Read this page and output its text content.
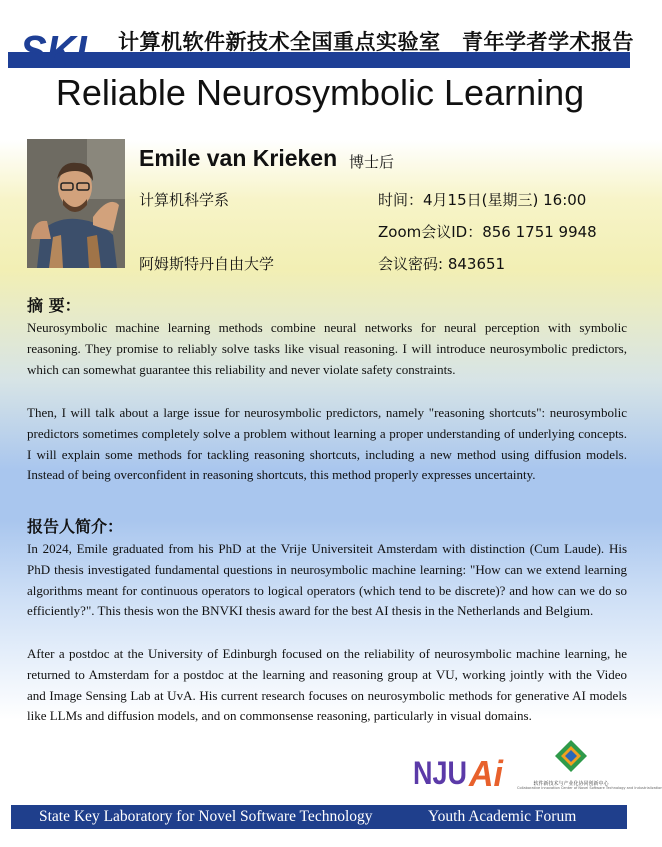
SKL 计算机软件新技术全国重点实验室 青年学者学术报告
Reliable Neurosymbolic Learning
Emile van Krieken 博士后
计算机科学系
阿姆斯特丹自由大学
时间：4月15日(星期三) 16:00
Zoom会议ID：856 1751 9948
会议密码: 843651
摘 要：
Neurosymbolic machine learning methods combine neural networks for neural perception with symbolic reasoning. They promise to reliably solve tasks like visual reasoning. I will introduce neurosymbolic predictors, which can somewhat guarantee this reliability and never violate safety constraints.
Then, I will talk about a large issue for neurosymbolic predictors, namely "reasoning shortcuts": neurosymbolic predictors sometimes completely solve a problem without learning a proper understanding of underlying concepts. I will explain some methods for tackling reasoning shortcuts, including a new method using diffusion models. Instead of being overconfident in reasoning shortcuts, this method properly expresses uncertainty.
报告人简介：
In 2024, Emile graduated from his PhD at the Vrije Universiteit Amsterdam with distinction (Cum Laude). His PhD thesis investigated fundamental questions in neurosymbolic machine learning: "How can we extend learning algorithms meant for continuous operators to logical operators (which tend to be discrete)? and how can we do so efficiently?". This thesis won the BNVKI thesis award for the best AI thesis in the Netherlands and Belgium.
After a postdoc at the University of Edinburgh focused on the reliability of neurosymbolic machine learning, he returned to Amsterdam for a postdoc at the learning and reasoning group at VU, working jointly with the Video and Image Sensing Lab at UvA. His current research focuses on neurosymbolic methods for generative AI models like LLMs and diffusion models, and on commonsense reasoning, particularly in visual domains.
NJU Ai	软件新技术与产业化协同创新中心
Collaborative Innovation Center of Novel Software Technology and Industrialization
State Key Laboratory for Novel Software Technology	Youth Academic Forum
